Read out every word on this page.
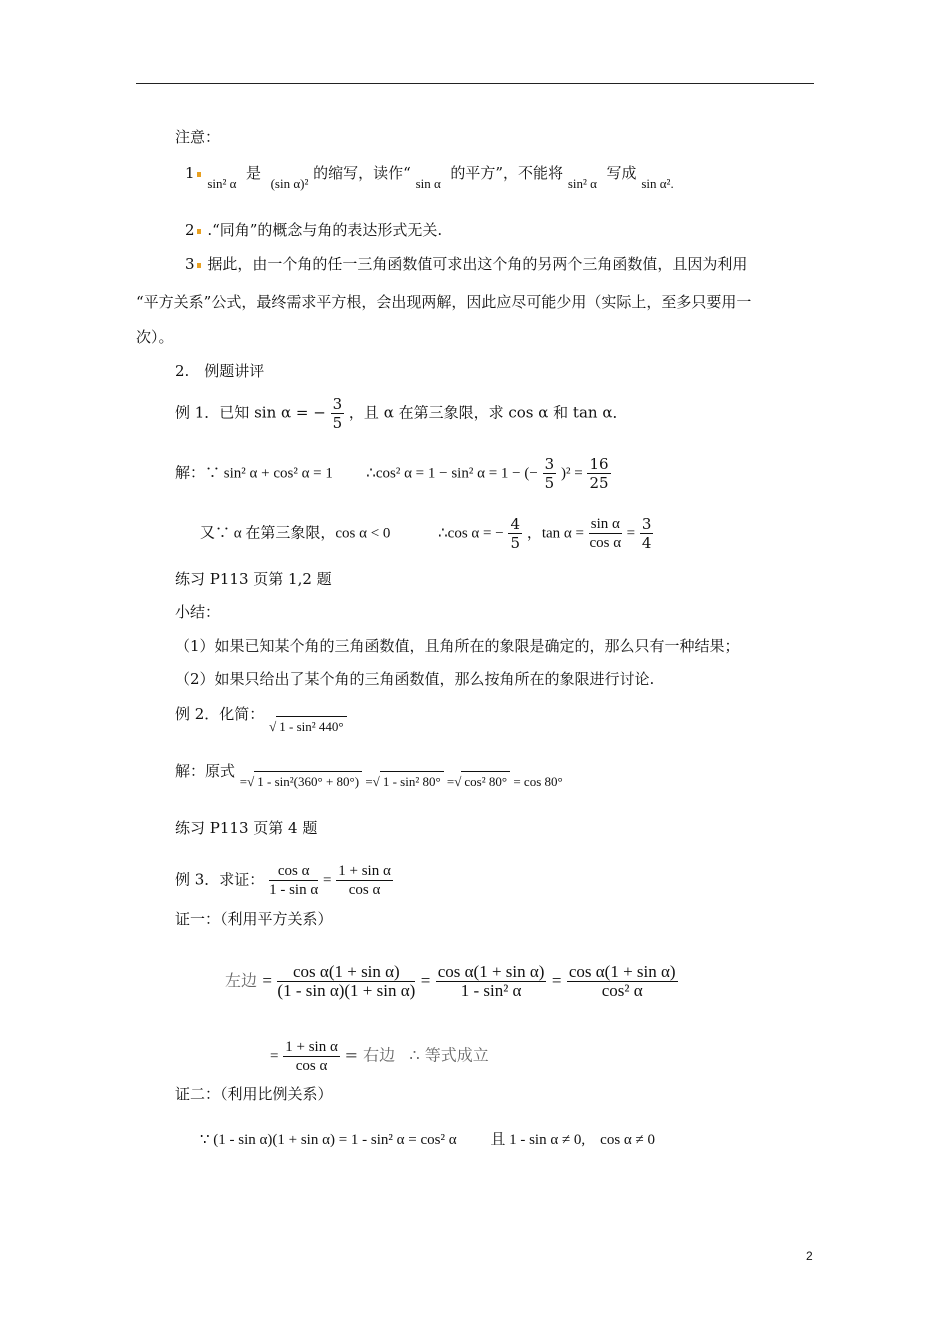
注意：
1 sin² α  是  (sin α)² 的缩写，读作“ sin α  的平方”，不能将 sin² α  写成 sin α².
2 .“同角”的概念与角的表达形式无关.
3 据此，由一个角的任一三角函数值可求出这个角的另两个三角函数值，且因为利用
“平方关系”公式，最终需求平方根，会出现两解，因此应尽可能少用（实际上，至多只要用一
次）。
2.　例题讲评
例 1．已知 sin α = − $\frac{3}{5}$ ，且 α 在第三象限，求 cos α 和 tan α．
解：∵ sin² α + cos² α = 1 ∴cos² α = 1 − sin² α = 1 − (− $\frac{3}{5} )^2 = \frac{16}{25}$
又∵ α 在第三象限，cos α < 0	∴cos α = − $\frac{4}{5}$ ，$\tan \alpha = \frac{\text{sin α}}{\text{cos α}} = \frac{3}{4}$
练习 P113 页第 1,2 题
小结：
（1）如果已知某个角的三角函数值，且角所在的象限是确定的，那么只有一种结果；
（2）如果只给出了某个角的三角函数值，那么按角所在的象限进行讨论.
例 2．化简： √ 1 - sin² 440°
解：原式 =√ 1 - sin²(360° + 80°) =√ 1 - sin² 80° =√ cos² 80° = cos 80°
练习 P113 页第 4 题
例 3．求证： $\frac{\text{cos α}}{\text{1 - sin α}} = \frac{\text{1 + sin α}}{\text{cos α}}$
证一：（利用平方关系）
左边 = $\frac{\text{cos α(1 + sin α)}}{\text{(1 - sin α)(1 + sin α)}} = \frac{\text{cos α(1 + sin α)}}{\text{1 - sin² α}} = \frac{\text{cos α(1 + sin α)}}{\text{cos² α}}$
= $\frac{\text{1 + sin α}}{\text{cos α}}$ = 右边 ∴ 等式成立
证二：（利用比例关系）
∵ (1 - sin α)(1 + sin α) = 1 - sin² α = cos² α 且 1 - sin α ≠ 0,　cos α ≠ 0
2
